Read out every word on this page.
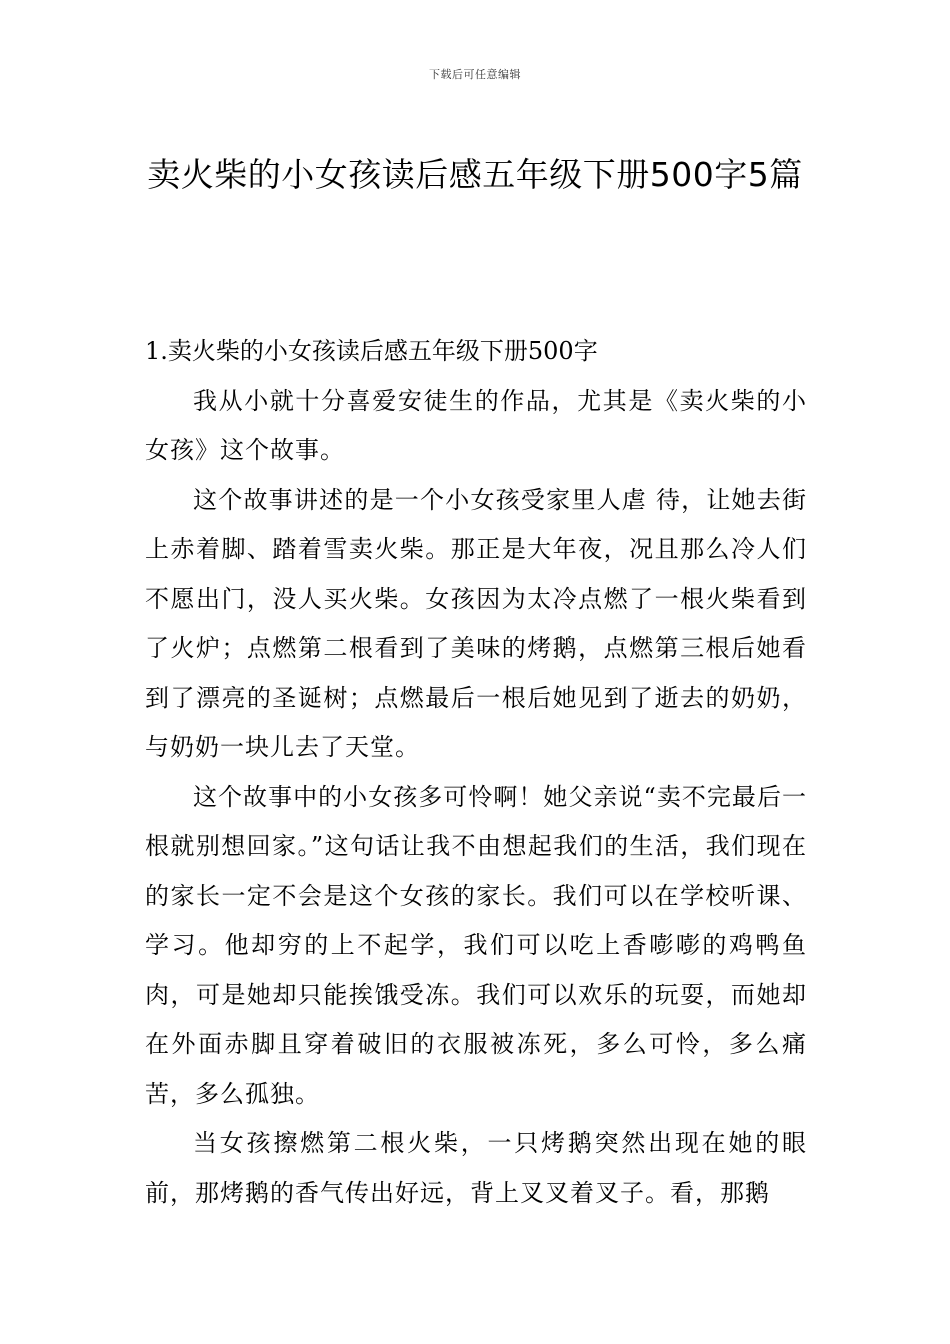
下载后可任意编辑
卖火柴的小女孩读后感五年级下册500字5篇

1.卖火柴的小女孩读后感五年级下册500字

我从小就十分喜爱安徒生的作品，尤其是《卖火柴的小女孩》这个故事。

这个故事讲述的是一个小女孩受家里人虐 待，让她去街上赤着脚、踏着雪卖火柴。那正是大年夜，况且那么冷人们不愿出门，没人买火柴。女孩因为太冷点燃了一根火柴看到了火炉；点燃第二根看到了美味的烤鹅，点燃第三根后她看到了漂亮的圣诞树；点燃最后一根后她见到了逝去的奶奶，与奶奶一块儿去了天堂。

这个故事中的小女孩多可怜啊！她父亲说“卖不完最后一根就别想回家。”这句话让我不由想起我们的生活，我们现在的家长一定不会是这个女孩的家长。我们可以在学校听课、学习。他却穷的上不起学，我们可以吃上香嘭嘭的鸡鸭鱼肉，可是她却只能挨饿受冻。我们可以欢乐的玩耍，而她却在外面赤脚且穿着破旧的衣服被冻死，多么可怜，多么痛苦，多么孤独。

当女孩擦燃第二根火柴，一只烤鹅突然出现在她的眼前，那烤鹅的香气传出好远，背上叉叉着叉子。看，那鹅
